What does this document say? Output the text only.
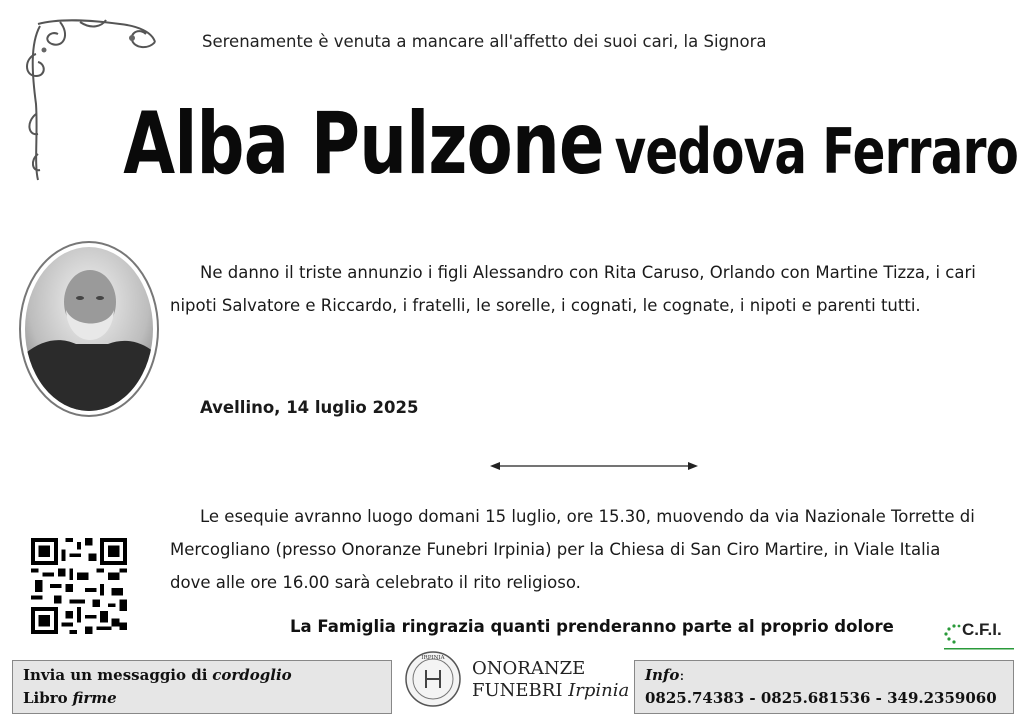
Serenamente è venuta a mancare all'affetto dei suoi cari, la Signora
Alba Pulzone vedova Ferraro
Ne danno il triste annunzio i figli Alessandro con Rita Caruso, Orlando con Martine Tizza, i cari
nipoti Salvatore e Riccardo, i fratelli, le sorelle, i cognati, le cognate, i nipoti e parenti tutti.
Avellino, 14 luglio 2025
Le esequie avranno luogo domani 15 luglio, ore 15.30, muovendo da via Nazionale Torrette di
Mercogliano (presso Onoranze Funebri Irpinia) per la Chiesa di San Ciro Martire, in Viale Italia
dove alle ore 16.00 sarà celebrato il rito religioso.
La Famiglia ringrazia quanti prenderanno parte al proprio dolore	C.F.I.
Invia un messaggio di cordoglio
Libro firme
IRPINIA ONORANZE
FUNEBRI Irpinia
Info:
0825.74383 - 0825.681536 - 349.2359060
